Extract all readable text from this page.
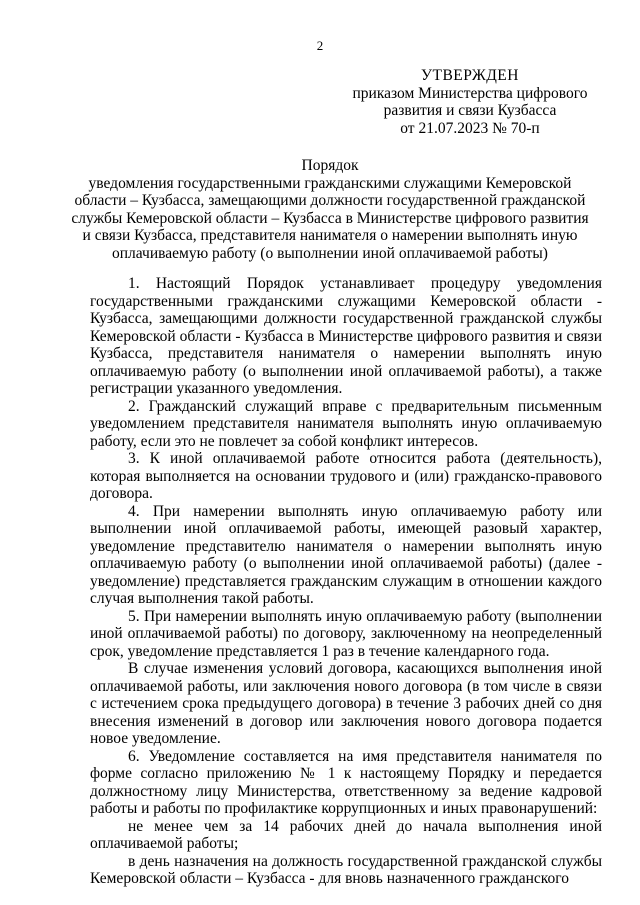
2
УТВЕРЖДЕН
приказом Министерства цифрового
развития и связи Кузбасса
от 21.07.2023 № 70-п
Порядок
уведомления государственными гражданскими служащими Кемеровской
области – Кузбасса, замещающими должности государственной гражданской
службы Кемеровской области – Кузбасса в Министерстве цифрового развития
и связи Кузбасса, представителя нанимателя о намерении выполнять иную
оплачиваемую работу (о выполнении иной оплачиваемой работы)

1. Настоящий Порядок устанавливает процедуру уведомления государственными гражданскими служащими Кемеровской области - Кузбасса, замещающими должности государственной гражданской службы Кемеровской области - Кузбасса в Министерстве цифрового развития и связи Кузбасса, представителя нанимателя о намерении выполнять иную оплачиваемую работу (о выполнении иной оплачиваемой работы), а также регистрации указанного уведомления.

2. Гражданский служащий вправе с предварительным письменным уведомлением представителя нанимателя выполнять иную оплачиваемую работу, если это не повлечет за собой конфликт интересов.

3. К иной оплачиваемой работе относится работа (деятельность), которая выполняется на основании трудового и (или) гражданско-правового договора.

4. При намерении выполнять иную оплачиваемую работу или выполнении иной оплачиваемой работы, имеющей разовый характер, уведомление представителю нанимателя о намерении выполнять иную оплачиваемую работу (о выполнении иной оплачиваемой работы) (далее - уведомление) представляется гражданским служащим в отношении каждого случая выполнения такой работы.

5. При намерении выполнять иную оплачиваемую работу (выполнении иной оплачиваемой работы) по договору, заключенному на неопределенный срок, уведомление представляется 1 раз в течение календарного года.

В случае изменения условий договора, касающихся выполнения иной оплачиваемой работы, или заключения нового договора (в том числе в связи с истечением срока предыдущего договора) в течение 3 рабочих дней со дня внесения изменений в договор или заключения нового договора подается новое уведомление.

6. Уведомление составляется на имя представителя нанимателя по форме согласно приложению № 1 к настоящему Порядку и передается должностному лицу Министерства, ответственному за ведение кадровой работы и работы по профилактике коррупционных и иных правонарушений:

не менее чем за 14 рабочих дней до начала выполнения иной оплачиваемой работы;

в день назначения на должность государственной гражданской службы Кемеровской области – Кузбасса - для вновь назначенного гражданского
